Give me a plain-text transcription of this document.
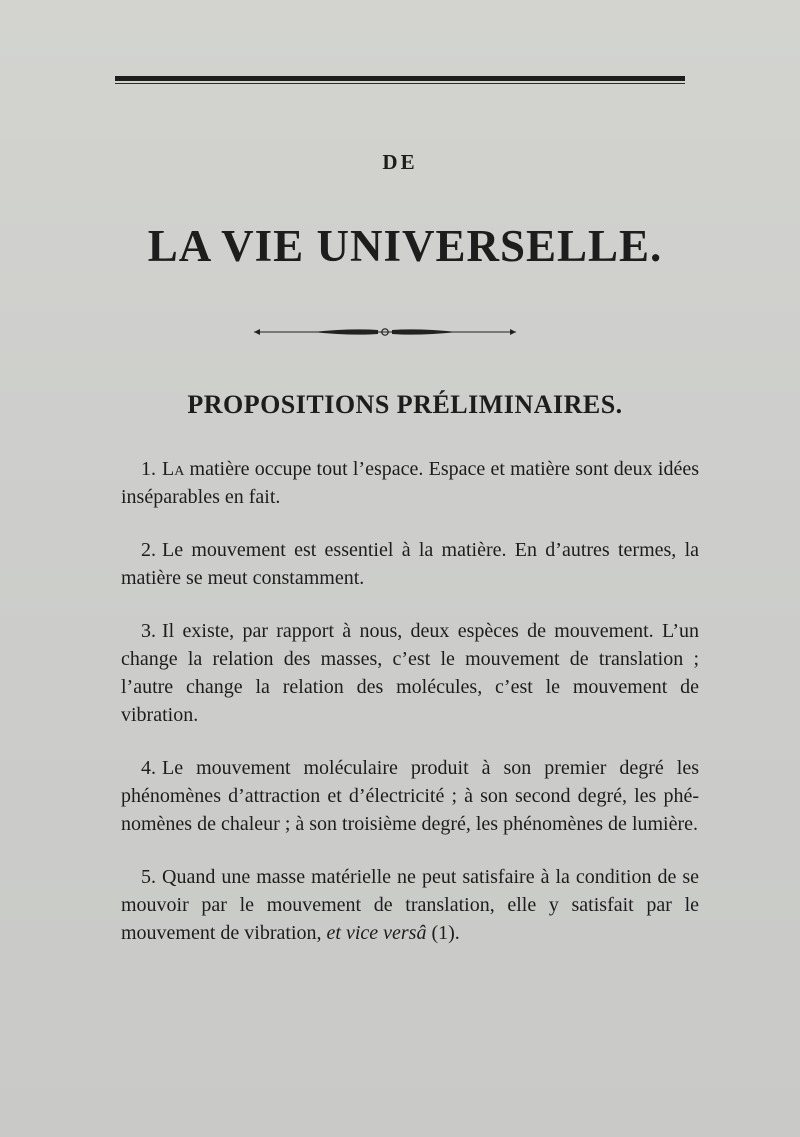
DE
LA VIE UNIVERSELLE.
PROPOSITIONS PRÉLIMINAIRES.

1. La matière occupe tout l’espace. Espace et matière sont deux idées inséparables en fait.

2. Le mouvement est essentiel à la matière. En d’autres termes, la matière se meut constamment.

3. Il existe, par rapport à nous, deux espèces de mouvement. L’un change la relation des masses, c’est le mouvement de translation ; l’autre change la relation des molécules, c’est le mouvement de vibration.

4. Le mouvement moléculaire produit à son premier degré les phénomènes d’attraction et d’électricité ; à son second degré, les phénomènes de chaleur ; à son troisième degré, les phénomènes de lumière.

5. Quand une masse matérielle ne peut satisfaire à la condition de se mouvoir par le mouvement de translation, elle y satisfait par le mouvement de vibration, et vice versâ (1).
